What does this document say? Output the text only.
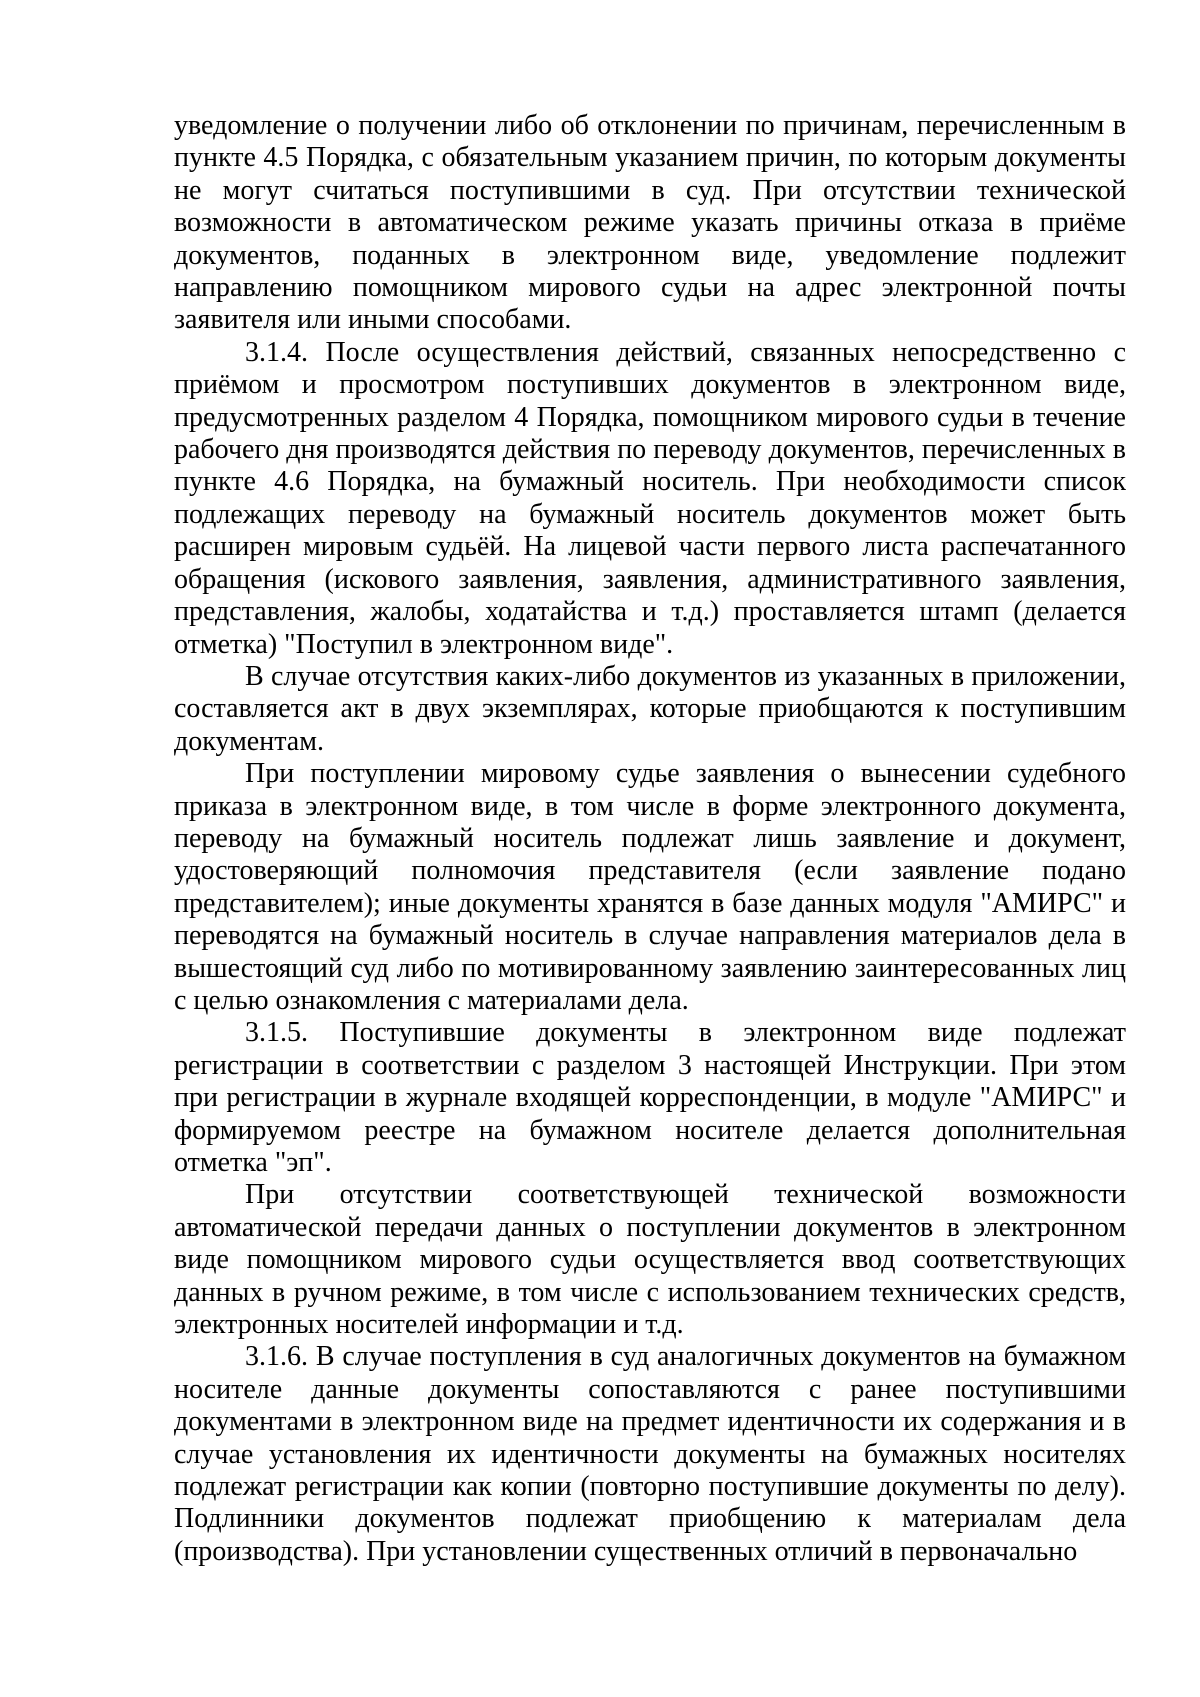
уведомление о получении либо об отклонении по причинам, перечисленным в пункте 4.5 Порядка, с обязательным указанием причин, по которым документы не могут считаться поступившими в суд. При отсутствии технической возможности в автоматическом режиме указать причины отказа в приёме документов, поданных в электронном виде, уведомление подлежит направлению помощником мирового судьи на адрес электронной почты заявителя или иными способами.

3.1.4. После осуществления действий, связанных непосредственно с приёмом и просмотром поступивших документов в электронном виде, предусмотренных разделом 4 Порядка, помощником мирового судьи в течение рабочего дня производятся действия по переводу документов, перечисленных в пункте 4.6 Порядка, на бумажный носитель. При необходимости список подлежащих переводу на бумажный носитель документов может быть расширен мировым судьёй. На лицевой части первого листа распечатанного обращения (искового заявления, заявления, административного заявления, представления, жалобы, ходатайства и т.д.) проставляется штамп (делается отметка) "Поступил в электронном виде".

В случае отсутствия каких-либо документов из указанных в приложении, составляется акт в двух экземплярах, которые приобщаются к поступившим документам.

При поступлении мировому судье заявления о вынесении судебного приказа в электронном виде, в том числе в форме электронного документа, переводу на бумажный носитель подлежат лишь заявление и документ, удостоверяющий полномочия представителя (если заявление подано представителем); иные документы хранятся в базе данных модуля "АМИРС" и переводятся на бумажный носитель в случае направления материалов дела в вышестоящий суд либо по мотивированному заявлению заинтересованных лиц с целью ознакомления с материалами дела.

3.1.5. Поступившие документы в электронном виде подлежат регистрации в соответствии с разделом 3 настоящей Инструкции. При этом при регистрации в журнале входящей корреспонденции, в модуле "АМИРС" и формируемом реестре на бумажном носителе делается дополнительная отметка "эп".

При отсутствии соответствующей технической возможности автоматической передачи данных о поступлении документов в электронном виде помощником мирового судьи осуществляется ввод соответствующих данных в ручном режиме, в том числе с использованием технических средств, электронных носителей информации и т.д.

3.1.6. В случае поступления в суд аналогичных документов на бумажном носителе данные документы сопоставляются с ранее поступившими документами в электронном виде на предмет идентичности их содержания и в случае установления их идентичности документы на бумажных носителях подлежат регистрации как копии (повторно поступившие документы по делу). Подлинники документов подлежат приобщению к материалам дела (производства). При установлении существенных отличий в первоначально
